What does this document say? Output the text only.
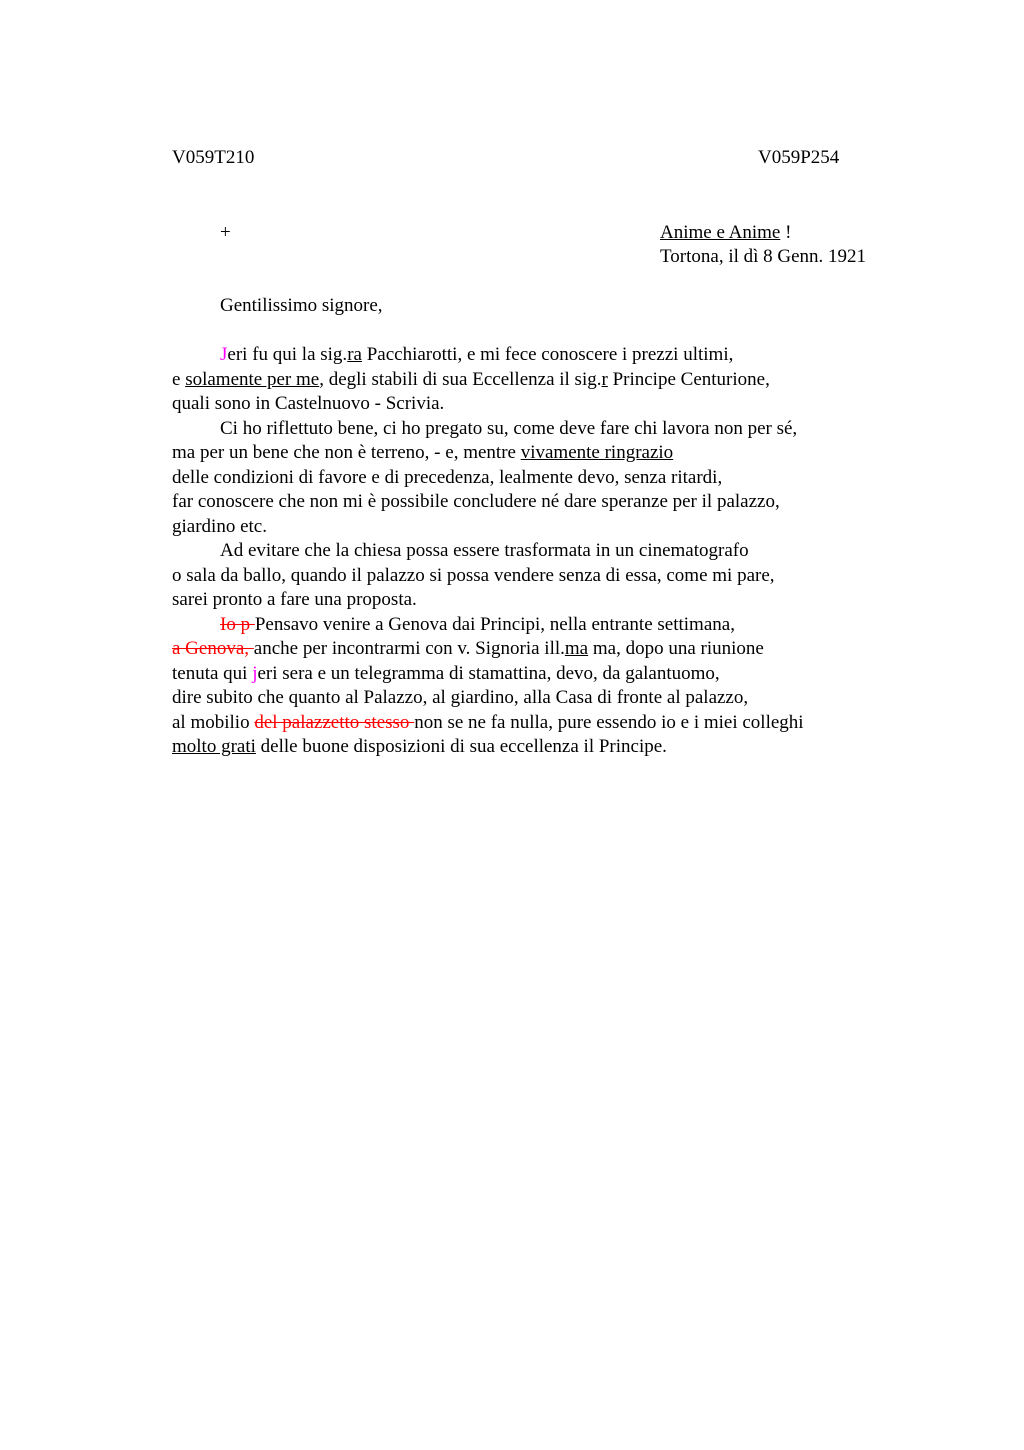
V059T210	V059P254
+	Anime e Anime !
Tortona, il dì 8 Genn. 1921
Gentilissimo signore,
Jeri fu qui la sig.ra Pacchiarotti, e mi fece conoscere i prezzi ultimi,
e solamente per me, degli stabili di sua Eccellenza il sig.r Principe Centurione,
quali sono in Castelnuovo - Scrivia.
Ci ho riflettuto bene, ci ho pregato su, come deve fare chi lavora non per sé,
ma per un bene che non è terreno, - e, mentre vivamente ringrazio
delle condizioni di favore e di precedenza, lealmente devo, senza ritardi,
far conoscere che non mi è possibile concludere né dare speranze per il palazzo,
giardino etc.
Ad evitare che la chiesa possa essere trasformata in un cinematografo
o sala da ballo, quando il palazzo si possa vendere senza di essa, come mi pare,
sarei pronto a fare una proposta.
Io p Pensavo venire a Genova dai Principi, nella entrante settimana,
a Genova, anche per incontrarmi con v. Signoria ill.ma ma, dopo una riunione
tenuta qui jeri sera e un telegramma di stamattina, devo, da galantuomo,
dire subito che quanto al Palazzo, al giardino, alla Casa di fronte al palazzo,
al mobilio del palazzetto stesso non se ne fa nulla, pure essendo io e i miei colleghi
molto grati delle buone disposizioni di sua eccellenza il Principe.
